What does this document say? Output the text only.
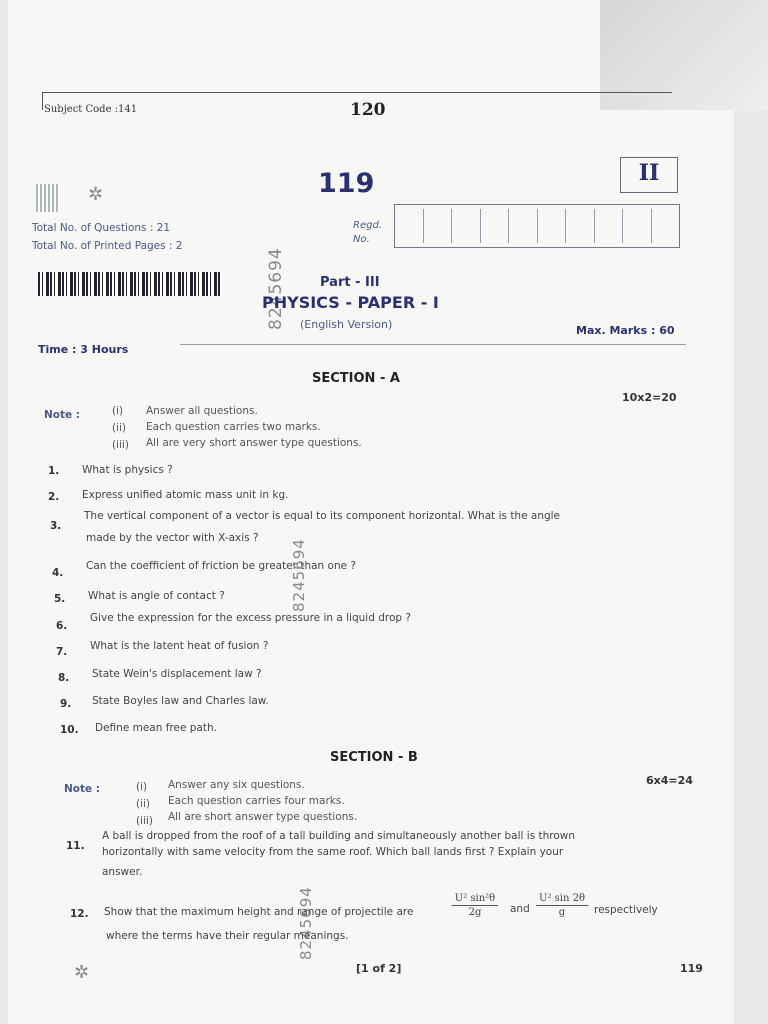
Subject Code :141	120
✲	119	II
Total No. of Questions : 21
Total No. of Printed Pages : 2
Regd.
No.
8245694	Part - III
PHYSICS - PAPER - I
(English Version)
Time : 3 Hours
Max. Marks : 60
SECTION - A
10x2=20
Note :	(i) Answer all questions.
(ii) Each question carries two marks.
(iii) All are very short answer type questions.
1. What is physics ?
2. Express unified atomic mass unit in kg.
3.
The vertical component of a vector is equal to its component horizontal. What is the angle
made by the vector with X-axis ?
4.
Can the coefficient of friction be greater than one ?
8245694
5. What is angle of contact ?
6.
Give the expression for the excess pressure in a liquid drop ?
7. What is the latent heat of fusion ?
8. State Wein's displacement law ?
9. State Boyles law and Charles law.
10. Define mean free path.
SECTION - B
6x4=24
Note :	(i) Answer any six questions.
(ii) Each question carries four marks.
(iii) All are short answer type questions.
11.
A ball is dropped from the roof of a tall building and simultaneously another ball is thrown
horizontally with same velocity from the same roof. Which ball lands first ? Explain your
answer.
8245694
12. Show that the maximum height and range of projectile are
U² sin²θ
2g	and
U² sin 2θ
g	respectively
where the terms have their regular meanings.
✲	[1 of 2]	119
